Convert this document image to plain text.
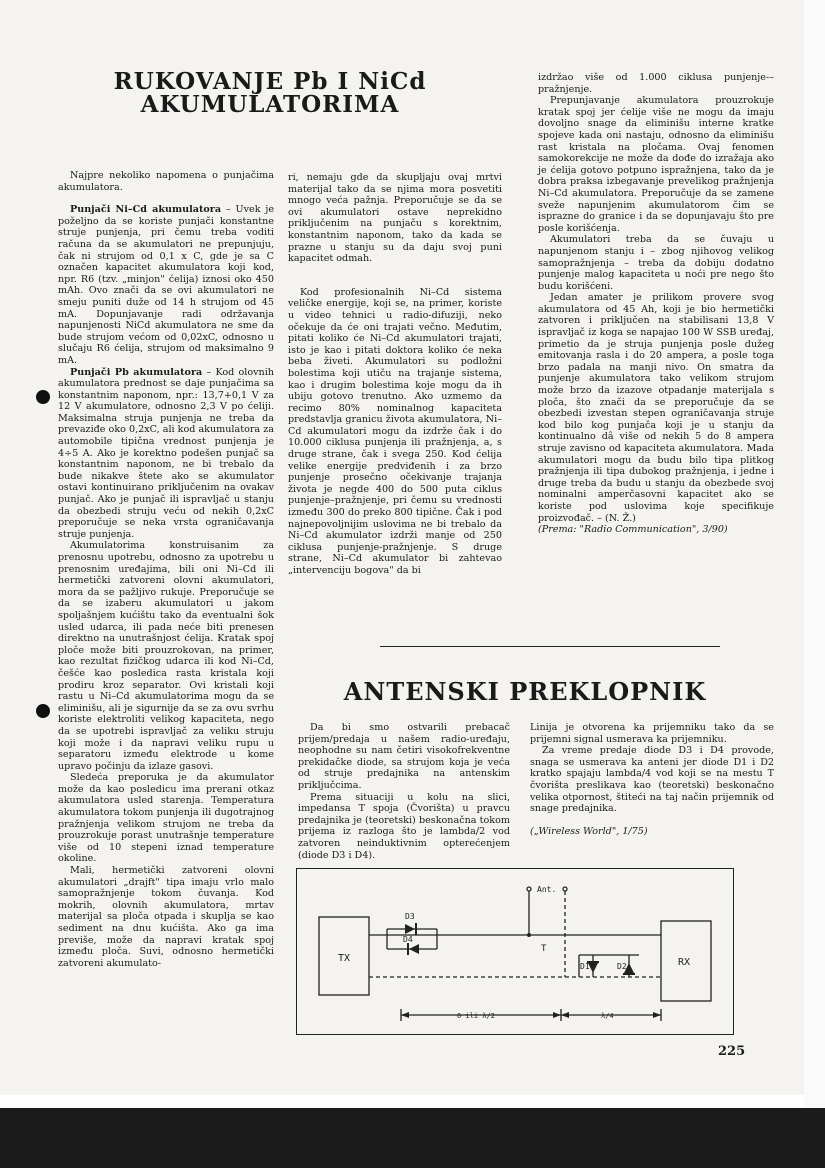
RUKOVANJE Pb I NiCd
AKUMULATORIMA

Najpre nekoliko napomena o punjačima akumulatora.

Punjači Ni–Cd akumulatora – Uvek je poželjno da se koriste punjači konstantne struje punjenja, pri čemu treba voditi računa da se akumulatori ne prepunjuju, čak ni strujom od 0,1 x C, gde je sa C označen kapacitet akumulatora koji kod, npr. R6 (tzv. „minjon" ćelija) iznosi oko 450 mAh. Ovo znači da se ovi akumulatori ne smeju puniti duže od 14 h strujom od 45 mA. Dopunjavanje radi održavanja napunjenosti NiCd akumulatora ne sme da bude strujom većom od 0,02xC, odnosno u slučaju R6 ćelija, strujom od maksimalno 9 mA.

Punjači Pb akumulatora – Kod olovnih akumulatora prednost se daje punjačima sa konstantnim naponom, npr.: 13,7+0,1 V za 12 V akumulatore, odnosno 2,3 V po ćeliji. Maksimalna struja punjenja ne treba da prevaziđe oko 0,2xC, ali kod akumulatora za automobile tipična vrednost punjenja je 4÷5 A. Ako je korektno podešen punjač sa konstantnim naponom, ne bi trebalo da bude nikakve štete ako se akumulator ostavi kontinuirano priključenim na ovakav punjač. Ako je punjač ili ispravljač u stanju da obezbedi struju veću od nekih 0,2xC preporučuje se neka vrsta ograničavanja struje punjenja.

Akumulatorima konstruisanim za prenosnu upotrebu, odnosno za upotrebu u prenosnim uređajima, bili oni Ni–Cd ili hermetički zatvoreni olovni akumulatori, mora da se pažljivo rukuje. Preporučuje se da se izaberu akumulatori u jakom spoljašnjem kućištu tako da eventualni šok usled udarca, ili pada neće biti prenesen direktno na unutrašnjost ćelija. Kratak spoj ploče može biti prouzrokovan, na primer, kao rezultat fizičkog udarca ili kod Ni–Cd, češće kao posledica rasta kristala koji prodiru kroz separator. Ovi kristali koji rastu u Ni–Cd akumulatorima mogu da se eliminišu, ali je sigurnije da se za ovu svrhu koriste elektroliti velikog kapaciteta, nego da se upotrebi ispravljač za veliku struju koji može i da napravi veliku rupu u separatoru između elektrode u kome upravo počinju da izlaze gasovi.

Sledeća preporuka je da akumulator može da kao posledicu ima preranі otkaz akumulatora usled starenja. Temperatura akumulatora tokom punjenja ili dugotrajnog pražnjenja velikom strujom ne treba da prouzrokuje porast unutrašnje temperature više od 10 stepeni iznad temperature okoline.

Mali, hermetički zatvoreni olovni akumulatori „drajft" tipa imaju vrlo malo samopražnjenje tokom čuvanja. Kod mokrih, olovnih akumulatora, mrtav materijal sa ploča otpada i skuplja se kao sediment na dnu kućišta. Ako ga ima previše, može da napravi kratak spoj između ploča. Suvi, odnosno hermetički zatvoreni akumulato-

ri, nemaju gde da skupljaju ovaj mrtvi materijal tako da se njima mora posvetiti mnogo veća pažnja. Preporučuje se da se ovi akumulatori ostave neprekidno priključenim na punjaču s korektnim, konstantnim naponom, tako da kada se prazne u stanju su da daju svoj puni kapacitet odmah.

Kod profesionalnih Ni–Cd sistema veličke energije, koji se, na primer, koriste u video tehnici u radio-difuziji, neko očekuje da će oni trajati večno. Međutim, pitati koliko će Ni–Cd akumulatori trajati, isto je kao i pitati doktora koliko će neka beba živeti. Akumulatori su podložni bolestima koji utiču na trajanje sistema, kao i drugim bolestima koje mogu da ih ubiju gotovo trenutno. Ako uzmemo da recimo 80% nominalnog kapaciteta predstavlja granicu života akumulatora, Ni–Cd akumulatori mogu da izdrže čak i do 10.000 ciklusa punjenja ili pražnjenja, a, s druge strane, čak i svega 250. Kod ćelija velike energije predviđenih i za brzo punjenje prosečno očekivanje trajanja života je negde 400 do 500 puta ciklus punjenje–pražnjenje, pri čemu su vrednosti između 300 do preko 800 tipične. Čak i pod najnepovoljnijim uslovima ne bi trebalo da Ni–Cd akumulator izdrži manje od 250 ciklusa punjenje-pražnjenje. S druge strane, Ni–Cd akumulator bi zahtevao „intervenciju bogova" da bi

izdržao više od 1.000 ciklusa punjenje-–pražnjenje.

Prepunjavanje akumulatora prouzrokuje kratak spoj jer ćelije više ne mogu da imaju dovoljno snage da eliminišu interne kratke spojeve kada oni nastaju, odnosno da eliminišu rast kristala na pločama. Ovaj fenomen samokorekcije ne može da dođe do izražaja ako je ćelija gotovo potpuno ispražnjena, tako da je dobra praksa izbegavanje prevelikog pražnjenja Ni–Cd akumulatora. Preporučuje da se zamene sveže napunjenim akumulatorom čim se isprazne do granice i da se dopunjavaju što pre posle korišćenja.

Akumulatori treba da se čuvaju u napunjenom stanju i – zbog njihovog velikog samopražnjenja – treba da dobiju dodatno punjenje malog kapaciteta u noći pre nego što budu korišćeni.

Jedan amater je prilikom provere svog akumulatora od 45 Ah, koji je bio hermetički zatvoren i priključen na stabilisani 13,8 V ispravljač iz koga se napajao 100 W SSB uređaj, primetio da je struja punjenja posle dužeg emitovanja rasla i do 20 ampera, a posle toga brzo padala na manji nivo. On smatra da punjenje akumulatora tako velikom strujom može brzo da izazove otpadanje materijala s ploča, što znači da se preporučuje da se obezbedi izvestan stepen ograničavanja struje kod bilo kog punjača koji je u stanju da kontinualno dâ više od nekih 5 do 8 ampera struje zavisno od kapaciteta akumulatora. Mada akumulatori mogu da budu bilo tipa plitkog pražnjenja ili tipa dubokog pražnjenja, i jedne i druge treba da budu u stanju da obezbede svoj nominalni amperčasovni kapacitet ako se koriste pod uslovima koje specifikuje proizvođač. – (N. Ž.)

(Prema: "Radio Communication", 3/90)

ANTENSKI PREKLOPNIK

Da bi smo ostvarili prebacač prijem/predaja u našem radio-uređaju, neophodne su nam četiri visokofrekventne prekidačke diode, sa strujom koja je veća od struje predajnika na antenskim priključcima.

Prema situaciji u kolu na slici, impedansa T spoja (Čvorišta) u pravcu predajnika je (teoretski) beskonačna tokom prijema iz razloga što je lambda/2 vod zatvoren neinduktivnim opterećenjem (diode D3 i D4).

Linija je otvorena ka prijemniku tako da se prijemni signal usmerava ka prijemniku.

Za vreme predaje diode D3 i D4 provode, snaga se usmerava ka anteni jer diode D1 i D2 kratko spajaju lambda/4 vod koji se na mestu T čvorišta preslikava kao (teoretski) beskonačno velika otpornost, štiteći na taj način prijemnik od snage predajnika.

(„Wireless World", 1/75)

TX	RX
Ant.
T
D3
D4
D1	D2
0 ili λ/2	λ/4
225
